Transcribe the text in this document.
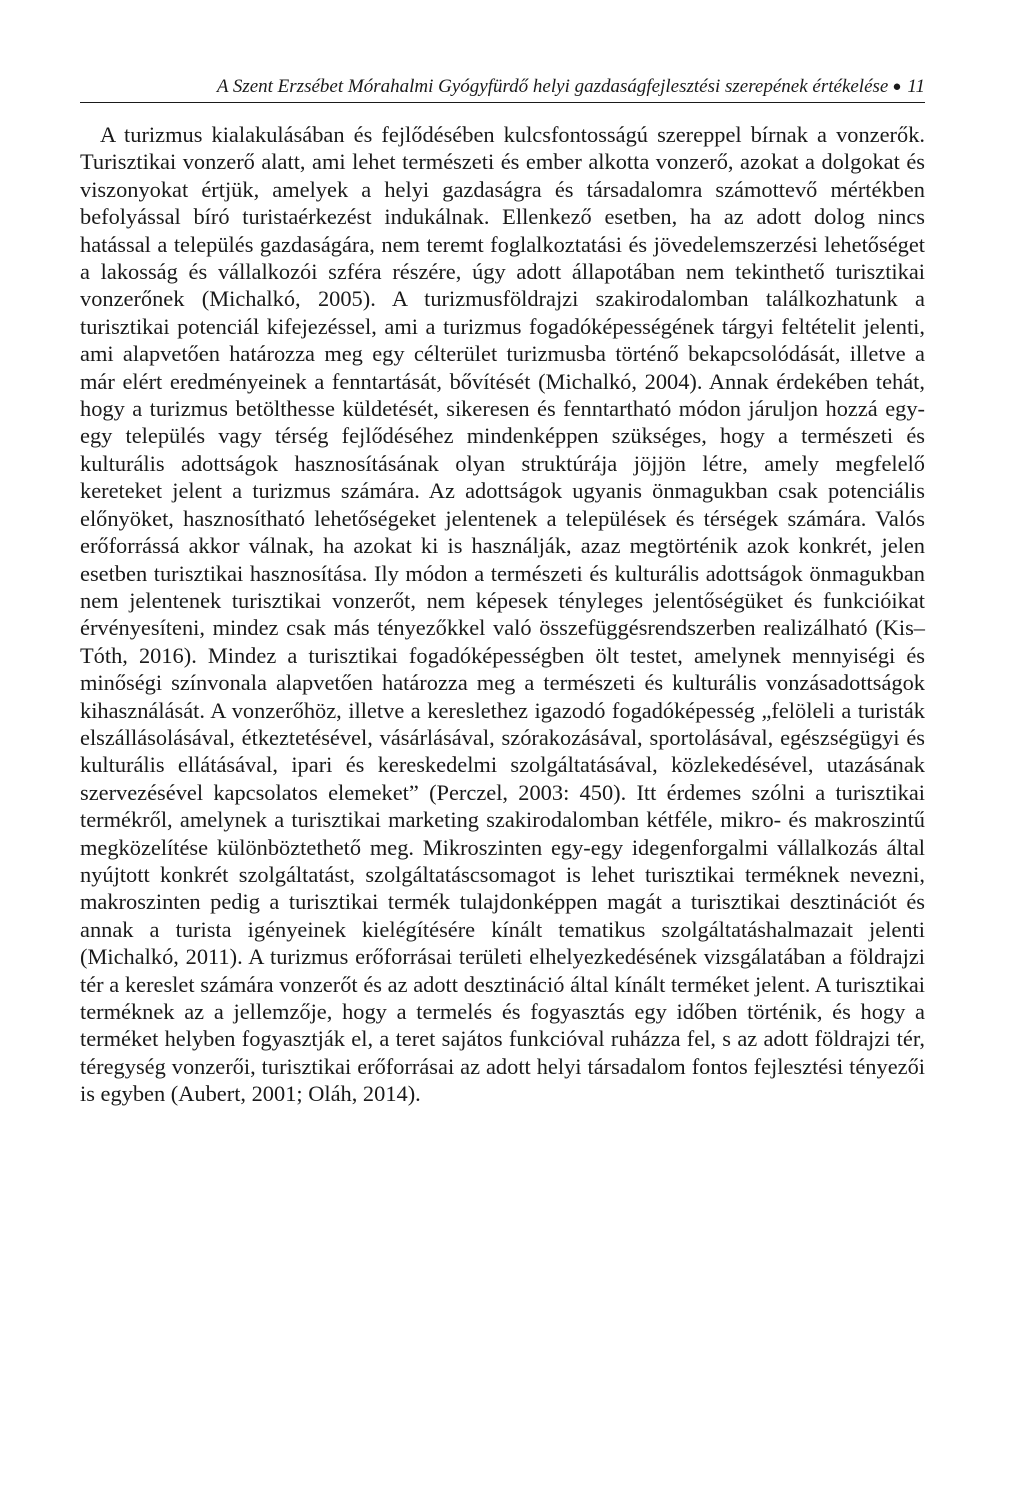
A Szent Erzsébet Mórahalmi Gyógyfürdő helyi gazdaságfejlesztési szerepének értékelése ● 11

A turizmus kialakulásában és fejlődésében kulcsfontosságú szereppel bírnak a vonzerők. Turisztikai vonzerő alatt, ami lehet természeti és ember alkotta vonzerő, azokat a dolgokat és viszonyokat értjük, amelyek a helyi gazdaságra és társadalomra számottevő mértékben befolyással bíró turistaérkezést indukálnak. Ellenkező esetben, ha az adott dolog nincs hatással a település gazdaságára, nem teremt foglalkoztatási és jövedelemszerzési lehetőséget a lakosság és vállalkozói szféra részére, úgy adott állapotában nem tekinthető turisztikai vonzerőnek (Michalkó, 2005). A turizmusföldrajzi szakirodalomban találkozhatunk a turisztikai potenciál kifejezéssel, ami a turizmus fogadóképességének tárgyi feltételit jelenti, ami alapvetően határozza meg egy célterület turizmusba történő bekapcsolódását, illetve a már elért eredményeinek a fenntartását, bővítését (Michalkó, 2004). Annak érdekében tehát, hogy a turizmus betölthesse küldetését, sikeresen és fenntartható módon járuljon hozzá egy-egy település vagy térség fejlődéséhez mindenképpen szükséges, hogy a természeti és kulturális adottságok hasznosításának olyan struktúrája jöjjön létre, amely megfelelő kereteket jelent a turizmus számára. Az adottságok ugyanis önmagukban csak potenciális előnyöket, hasznosítható lehetőségeket jelentenek a települések és térségek számára. Valós erőforrássá akkor válnak, ha azokat ki is használják, azaz megtörténik azok konkrét, jelen esetben turisztikai hasznosítása. Ily módon a természeti és kulturális adottságok önmagukban nem jelentenek turisztikai vonzerőt, nem képesek tényleges jelentőségüket és funkcióikat érvényesíteni, mindez csak más tényezőkkel való összefüggésrendszerben realizálható (Kis–Tóth, 2016). Mindez a turisztikai fogadóképességben ölt testet, amelynek mennyiségi és minőségi színvonala alapvetően határozza meg a természeti és kulturális vonzásadottságok kihasználását. A vonzerőhöz, illetve a kereslethez igazodó fogadóképesség „felöleli a turisták elszállásolásával, étkeztetésével, vásárlásával, szórakozásával, sportolásával, egészségügyi és kulturális ellátásával, ipari és kereskedelmi szolgáltatásával, közlekedésével, utazásának szervezésével kapcsolatos elemeket” (Perczel, 2003: 450). Itt érdemes szólni a turisztikai termékről, amelynek a turisztikai marketing szakirodalomban kétféle, mikro- és makroszintű megközelítése különböztethető meg. Mikroszinten egy-egy idegenforgalmi vállalkozás által nyújtott konkrét szolgáltatást, szolgáltatáscsomagot is lehet turisztikai terméknek nevezni, makroszinten pedig a turisztikai termék tulajdonképpen magát a turisztikai desztinációt és annak a turista igényeinek kielégítésére kínált tematikus szolgáltatáshalmazait jelenti (Michalkó, 2011). A turizmus erőforrásai területi elhelyezkedésének vizsgálatában a földrajzi tér a kereslet számára vonzerőt és az adott desztináció által kínált terméket jelent. A turisztikai terméknek az a jellemzője, hogy a termelés és fogyasztás egy időben történik, és hogy a terméket helyben fogyasztják el, a teret sajátos funkcióval ruházza fel, s az adott földrajzi tér, téregység vonzerői, turisztikai erőforrásai az adott helyi társadalom fontos fejlesztési tényezői is egyben (Aubert, 2001; Oláh, 2014).
